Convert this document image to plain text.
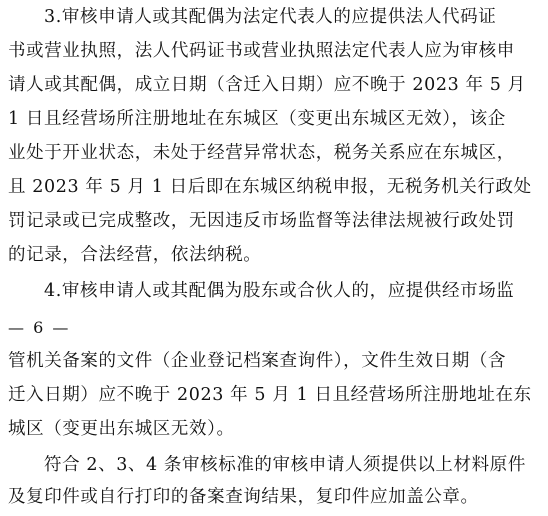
3.审核申请人或其配偶为法定代表人的应提供法人代码证
书或营业执照，法人代码证书或营业执照法定代表人应为审核申
请人或其配偶，成立日期（含迁入日期）应不晚于 2023 年 5 月
1 日且经营场所注册地址在东城区（变更出东城区无效），该企
业处于开业状态，未处于经营异常状态，税务关系应在东城区，
且 2023 年 5 月 1 日后即在东城区纳税申报，无税务机关行政处
罚记录或已完成整改，无因违反市场监督等法律法规被行政处罚
的记录，合法经营，依法纳税。
4.审核申请人或其配偶为股东或合伙人的，应提供经市场监
— 6 —
管机关备案的文件（企业登记档案查询件），文件生效日期（含
迁入日期）应不晚于 2023 年 5 月 1 日且经营场所注册地址在东
城区（变更出东城区无效）。
符合 2、3、4 条审核标准的审核申请人须提供以上材料原件
及复印件或自行打印的备案查询结果，复印件应加盖公章。
